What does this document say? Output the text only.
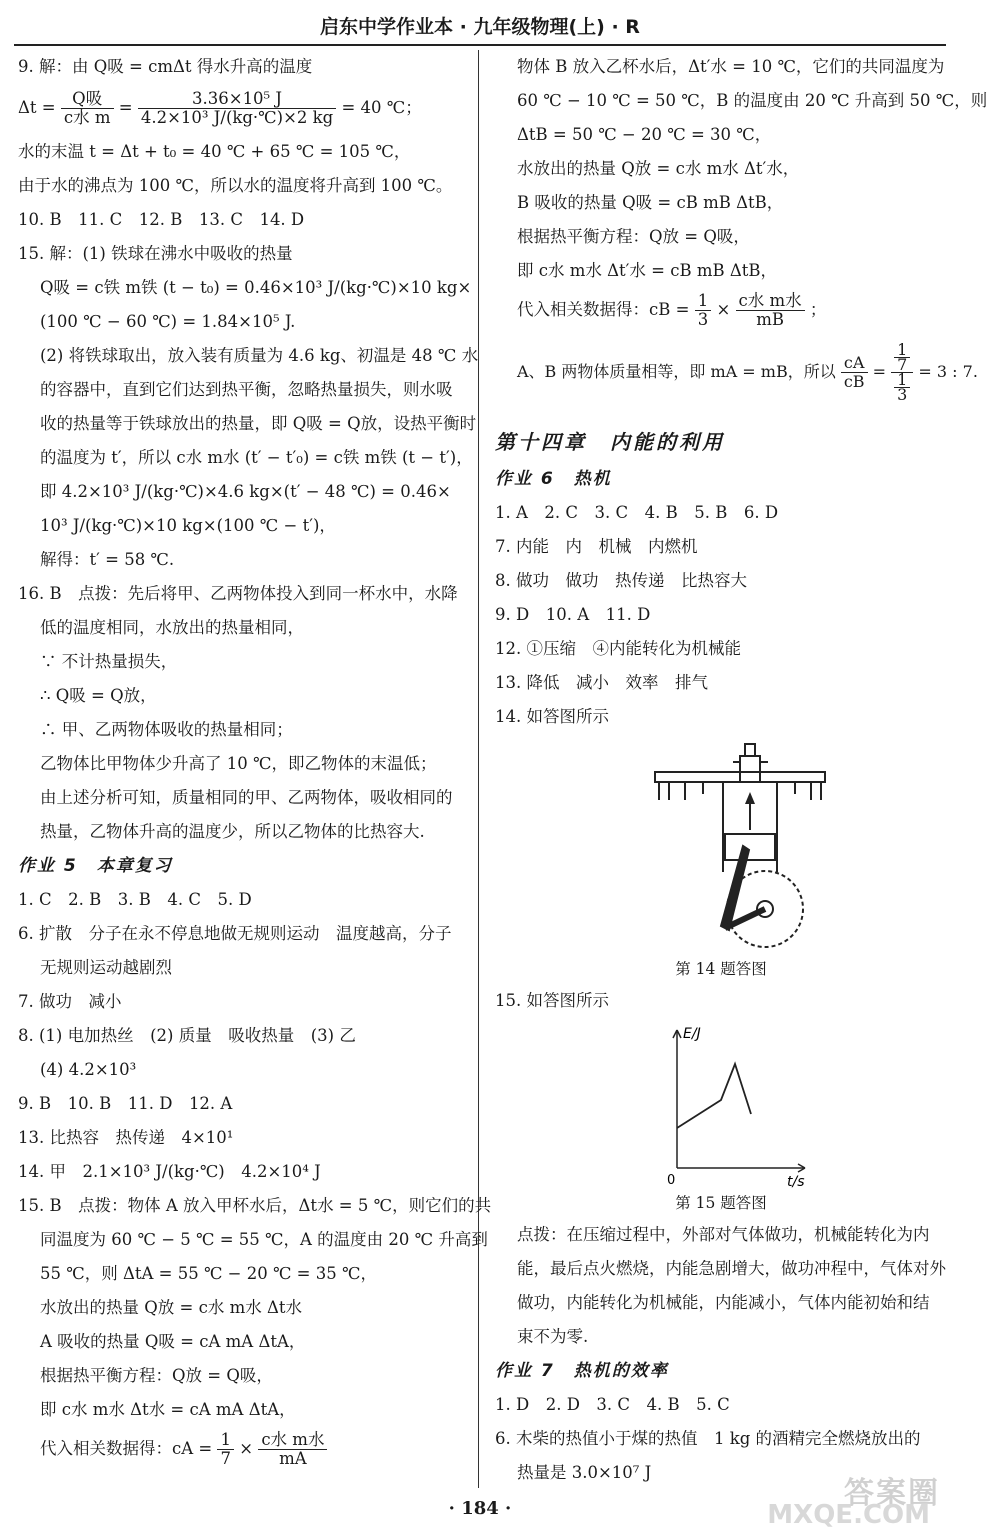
启东中学作业本 · 九年级物理(上) · R
9. 解：由 Q吸 = cmΔt 得水升高的温度
$\Delta t = \frac{\text{Q吸}}{\text{c水 m}} = \frac{\text{3.36×10⁵ J}}{\text{4.2×10³ J/(kg·℃)×2 kg}} = 40$ ℃；
水的末温 t = Δt + t₀ = 40 ℃ + 65 ℃ = 105 ℃，
由于水的沸点为 100 ℃，所以水的温度将升高到 100 ℃。
10. B　11. C　12. B　13. C　14. D
15. 解：(1) 铁球在沸水中吸收的热量
Q吸 = c铁 m铁 (t − t₀) = 0.46×10³ J/(kg·℃)×10 kg×
(100 ℃ − 60 ℃) = 1.84×10⁵ J.
(2) 将铁球取出，放入装有质量为 4.6 kg、初温是 48 ℃ 水
的容器中，直到它们达到热平衡，忽略热量损失，则水吸
收的热量等于铁球放出的热量，即 Q吸 = Q放，设热平衡时
的温度为 t′，所以 c水 m水 (t′ − t′₀) = c铁 m铁 (t − t′)，
即 4.2×10³ J/(kg·℃)×4.6 kg×(t′ − 48 ℃) = 0.46×
10³ J/(kg·℃)×10 kg×(100 ℃ − t′)，
解得：t′ = 58 ℃.
16. B　点拨：先后将甲、乙两物体投入到同一杯水中，水降
低的温度相同，水放出的热量相同，
∵ 不计热量损失，
∴ Q吸 = Q放，
∴ 甲、乙两物体吸收的热量相同；
乙物体比甲物体少升高了 10 ℃，即乙物体的末温低；
由上述分析可知，质量相同的甲、乙两物体，吸收相同的
热量，乙物体升高的温度少，所以乙物体的比热容大.
作业 5　本章复习
1. C　2. B　3. B　4. C　5. D
6. 扩散　分子在永不停息地做无规则运动　温度越高，分子
无规则运动越剧烈
7. 做功　减小
8. (1) 电加热丝　(2) 质量　吸收热量　(3) 乙
(4) 4.2×10³
9. B　10. B　11. D　12. A
13. 比热容　热传递　4×10¹
14. 甲　2.1×10³ J/(kg·℃)　4.2×10⁴ J
15. B　点拨：物体 A 放入甲杯水后，Δt水 = 5 ℃，则它们的共
同温度为 60 ℃ − 5 ℃ = 55 ℃，A 的温度由 20 ℃ 升高到
55 ℃，则 ΔtA = 55 ℃ − 20 ℃ = 35 ℃，
水放出的热量 Q放 = c水 m水 Δt水
A 吸收的热量 Q吸 = cA mA ΔtA，
根据热平衡方程：Q放 = Q吸，
即 c水 m水 Δt水 = cA mA ΔtA，
代入相关数据得：cA = $\frac{1}{7} \times \frac{\text{c水 m水}}{mA}$
物体 B 放入乙杯水后，Δt′水 = 10 ℃，它们的共同温度为
60 ℃ − 10 ℃ = 50 ℃，B 的温度由 20 ℃ 升高到 50 ℃，则
ΔtB = 50 ℃ − 20 ℃ = 30 ℃，
水放出的热量 Q放 = c水 m水 Δt′水，
B 吸收的热量 Q吸 = cB mB ΔtB，
根据热平衡方程：Q放 = Q吸，
即 c水 m水 Δt′水 = cB mB ΔtB，
代入相关数据得：cB = $\frac{1}{3} \times \frac{\text{c水 m水}}{mB}$ ；
A、B 两物体质量相等，即 mA = mB，所以 $\frac{cA}{cB} = \frac{\frac{1}{7}}{\frac{1}{3}} = 3$ : 7.
第十四章　内能的利用
作业 6　热机
1. A　2. C　3. C　4. B　5. B　6. D
7. 内能　内　机械　内燃机
8. 做功　做功　热传递　比热容大
9. D　10. A　11. D
12. ①压缩　④内能转化为机械能
13. 降低　减小　效率　排气
14. 如答图所示
第 14 题答图
15. 如答图所示
E/J
0	t/s
第 15 题答图
点拨：在压缩过程中，外部对气体做功，机械能转化为内
能，最后点火燃烧，内能急剧增大，做功冲程中，气体对外
做功，内能转化为机械能，内能减小，气体内能初始和结
束不为零.
作业 7　热机的效率
1. D　2. D　3. C　4. B　5. C
6. 木柴的热值小于煤的热值　1 kg 的酒精完全燃烧放出的
热量是 3.0×10⁷ J
· 184 ·	答案圈
MXQE.COM
